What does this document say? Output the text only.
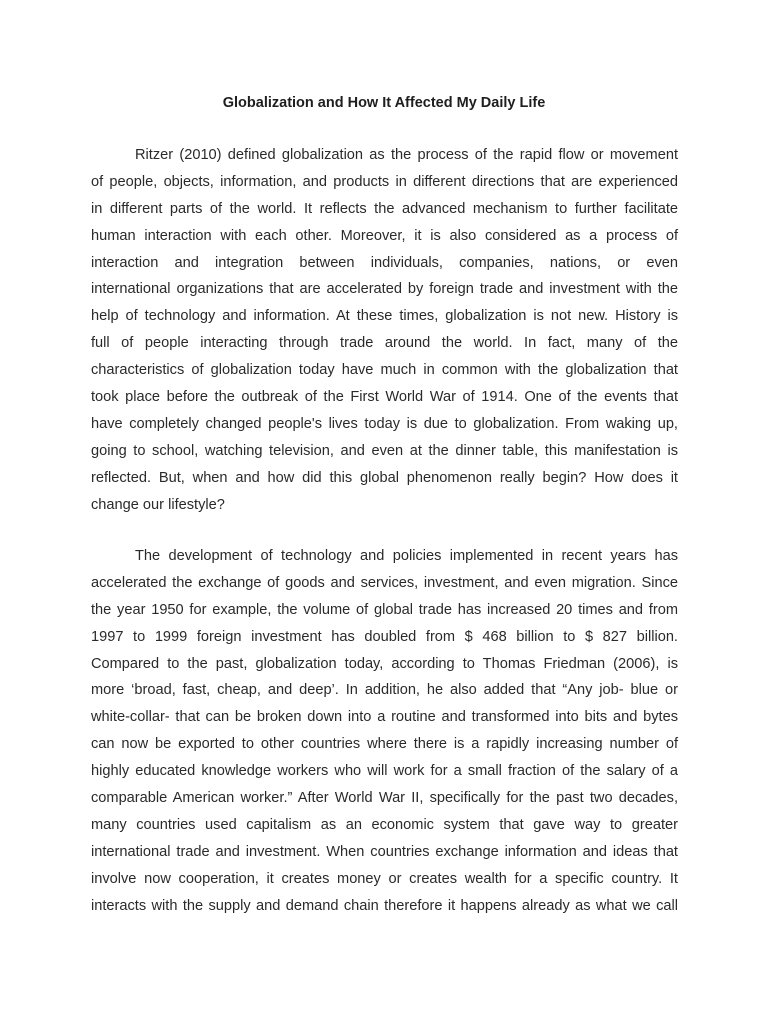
Globalization and How It Affected My Daily Life
Ritzer (2010) defined globalization as the process of the rapid flow or movement
of people, objects, information, and products in different directions that are experienced
in different parts of the world. It reflects the advanced mechanism to further facilitate
human interaction with each other. Moreover, it is also considered as a process of
interaction and integration between individuals, companies, nations, or even
international organizations that are accelerated by foreign trade and investment with the
help of technology and information. At these times, globalization is not new. History is
full of people interacting through trade around the world. In fact, many of the
characteristics of globalization today have much in common with the globalization that
took place before the outbreak of the First World War of 1914. One of the events that
have completely changed people's lives today is due to globalization. From waking up,
going to school, watching television, and even at the dinner table, this manifestation is
reflected. But, when and how did this global phenomenon really begin? How does it
change our lifestyle?
The development of technology and policies implemented in recent years has
accelerated the exchange of goods and services, investment, and even migration. Since
the year 1950 for example, the volume of global trade has increased 20 times and from
1997 to 1999 foreign investment has doubled from $ 468 billion to $ 827 billion.
Compared to the past, globalization today, according to Thomas Friedman (2006), is
more ‘broad, fast, cheap, and deep’. In addition, he also added that “Any job- blue or
white-collar- that can be broken down into a routine and transformed into bits and bytes
can now be exported to other countries where there is a rapidly increasing number of
highly educated knowledge workers who will work for a small fraction of the salary of a
comparable American worker.” After World War II, specifically for the past two decades,
many countries used capitalism as an economic system that gave way to greater
international trade and investment. When countries exchange information and ideas that
involve now cooperation, it creates money or creates wealth for a specific country. It
interacts with the supply and demand chain therefore it happens already as what we call
